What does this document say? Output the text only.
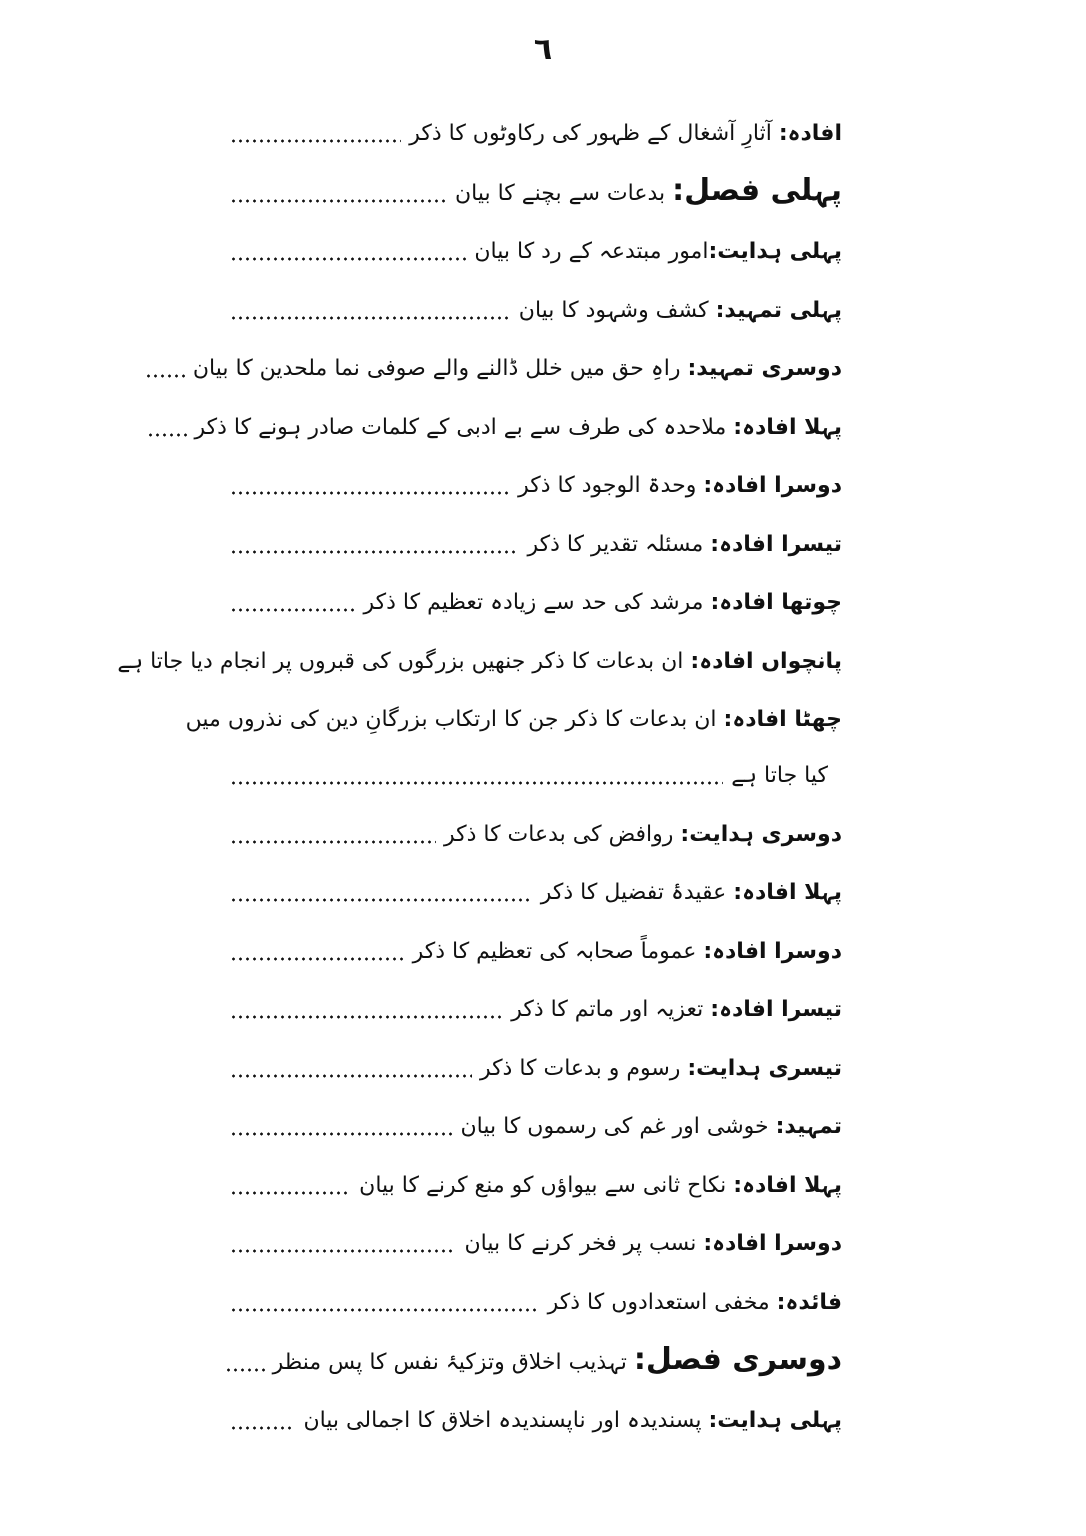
٦
افادہ: آثارِ آشغال کے ظہور کی رکاوٹوں کا ذکر
پہلی فصل: بدعات سے بچنے کا بیان
پہلی ہدایت:امور مبتدعہ کے رد کا بیان
پہلی تمہید: کشف وشہود کا بیان
دوسری تمہید: راہِ حق میں خلل ڈالنے والے صوفی نما ملحدین کا بیان
پہلا افادہ: ملاحدہ کی طرف سے بے ادبی کے کلمات صادر ہونے کا ذکر
دوسرا افادہ: وحدۃ الوجود کا ذکر
تیسرا افادہ: مسئلہ تقدیر کا ذکر
چوتھا افادہ: مرشد کی حد سے زیادہ تعظیم کا ذکر
پانچواں افادہ: ان بدعات کا ذکر جنھیں بزرگوں کی قبروں پر انجام دیا جاتا ہے
چھٹا افادہ: ان بدعات کا ذکر جن کا ارتکاب بزرگانِ دین کی نذروں میں
کیا جاتا ہے
دوسری ہدایت: روافض کی بدعات کا ذکر
پہلا افادہ: عقیدۂ تفضیل کا ذکر
دوسرا افادہ: عموماً صحابہ کی تعظیم کا ذکر
تیسرا افادہ: تعزیہ اور ماتم کا ذکر
تیسری ہدایت: رسوم و بدعات کا ذکر
تمہید: خوشی اور غم کی رسموں کا بیان
پہلا افادہ: نکاح ثانی سے بیواؤں کو منع کرنے کا بیان
دوسرا افادہ: نسب پر فخر کرنے کا بیان
فائدہ: مخفی استعدادوں کا ذکر
دوسری فصل: تہذیب اخلاق وتزکیۂ نفس کا پس منظر
پہلی ہدایت: پسندیدہ اور ناپسندیدہ اخلاق کا اجمالی بیان
